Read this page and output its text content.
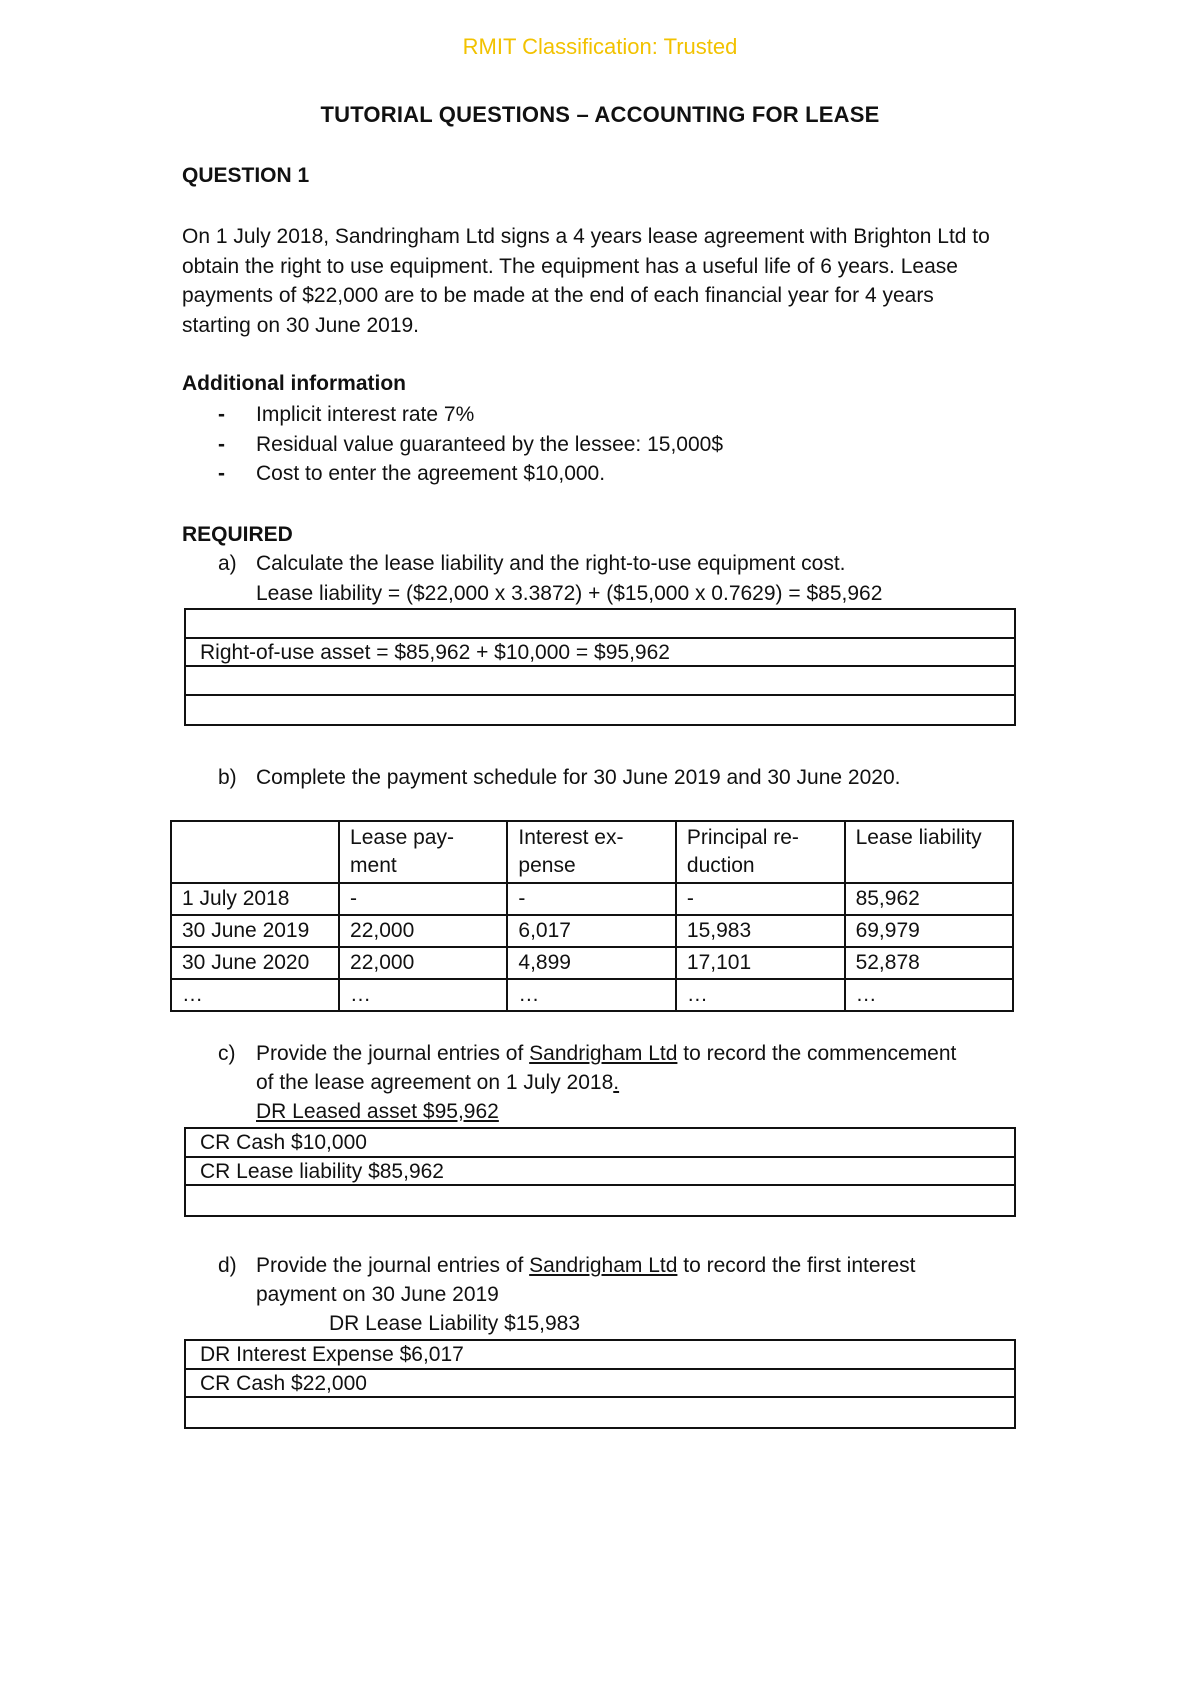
RMIT Classification: Trusted
TUTORIAL QUESTIONS – ACCOUNTING FOR LEASE
QUESTION 1
On 1 July 2018, Sandringham Ltd signs a 4 years lease agreement with Brighton Ltd to
obtain the right to use equipment. The equipment has a useful life of 6 years. Lease
payments of $22,000 are to be made at the end of each financial year for 4 years
starting on 30 June 2019.
Additional information
- Implicit interest rate 7%
- Residual value guaranteed by the lessee: 15,000$
- Cost to enter the agreement $10,000.
REQUIRED
a) Calculate the lease liability and the right-to-use equipment cost.
Lease liability = ($22,000 x 3.3872) + ($15,000 x 0.7629) = $85,962
Right-of-use asset = $85,962 + $10,000 = $95,962
b) Complete the payment schedule for 30 June 2019 and 30 June 2020.
	Lease pay-
ment	Interest ex-
pense	Principal re-
duction	Lease liability
1 July 2018	-	-	-	85,962
30 June 2019	22,000	6,017	15,983	69,979
30 June 2020	22,000	4,899	17,101	52,878
…	…	…	…	…
c) Provide the journal entries of Sandrigham Ltd to record the commencement
of the lease agreement on 1 July 2018.
DR Leased asset $95,962
CR Cash $10,000
CR Lease liability $85,962
d) Provide the journal entries of Sandrigham Ltd to record the first interest
payment on 30 June 2019
DR Lease Liability $15,983
DR Interest Expense $6,017
CR Cash $22,000
